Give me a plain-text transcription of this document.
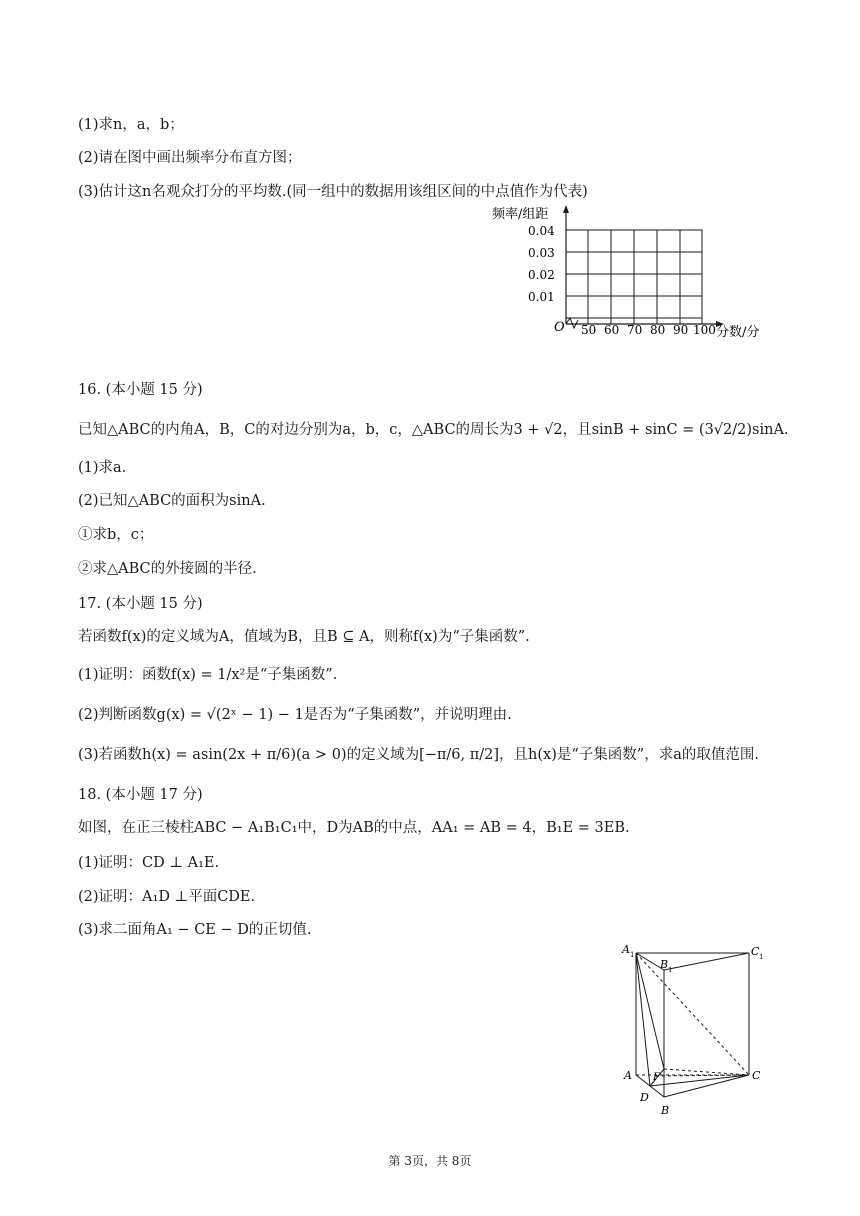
(1)求n，a，b；
(2)请在图中画出频率分布直方图；
(3)估计这n名观众打分的平均数.(同一组中的数据用该组区间的中点值作为代表)
频率/组距
0.04
0.03
0.02
0.01
O 50 60 70 80 90 100 分数/分
16. (本小题 15 分)
已知△ABC的内角A，B，C的对边分别为a，b，c，△ABC的周长为3 + √2，且sinB + sinC = (3√2/2)sinA.
(1)求a.
(2)已知△ABC的面积为sinA.
①求b，c；
②求△ABC的外接圆的半径.
17. (本小题 15 分)
若函数f(x)的定义域为A，值域为B，且B ⊆ A，则称f(x)为“子集函数”.
(1)证明：函数f(x) = 1/x²是“子集函数”.
(2)判断函数g(x) = √(2ˣ − 1) − 1是否为“子集函数”，并说明理由.
(3)若函数h(x) = asin(2x + π/6)(a > 0)的定义域为[−π/6, π/2]，且h(x)是“子集函数”，求a的取值范围.
18. (本小题 17 分)
如图，在正三棱柱ABC − A₁B₁C₁中，D为AB的中点，AA₁ = AB = 4，B₁E = 3EB.
(1)证明：CD ⊥ A₁E.
(2)证明：A₁D ⊥平面CDE.
(3)求二面角A₁ − CE − D的正切值.
A 1
B 1
C 1
A	C
F
D
B
第 3页，共 8页
